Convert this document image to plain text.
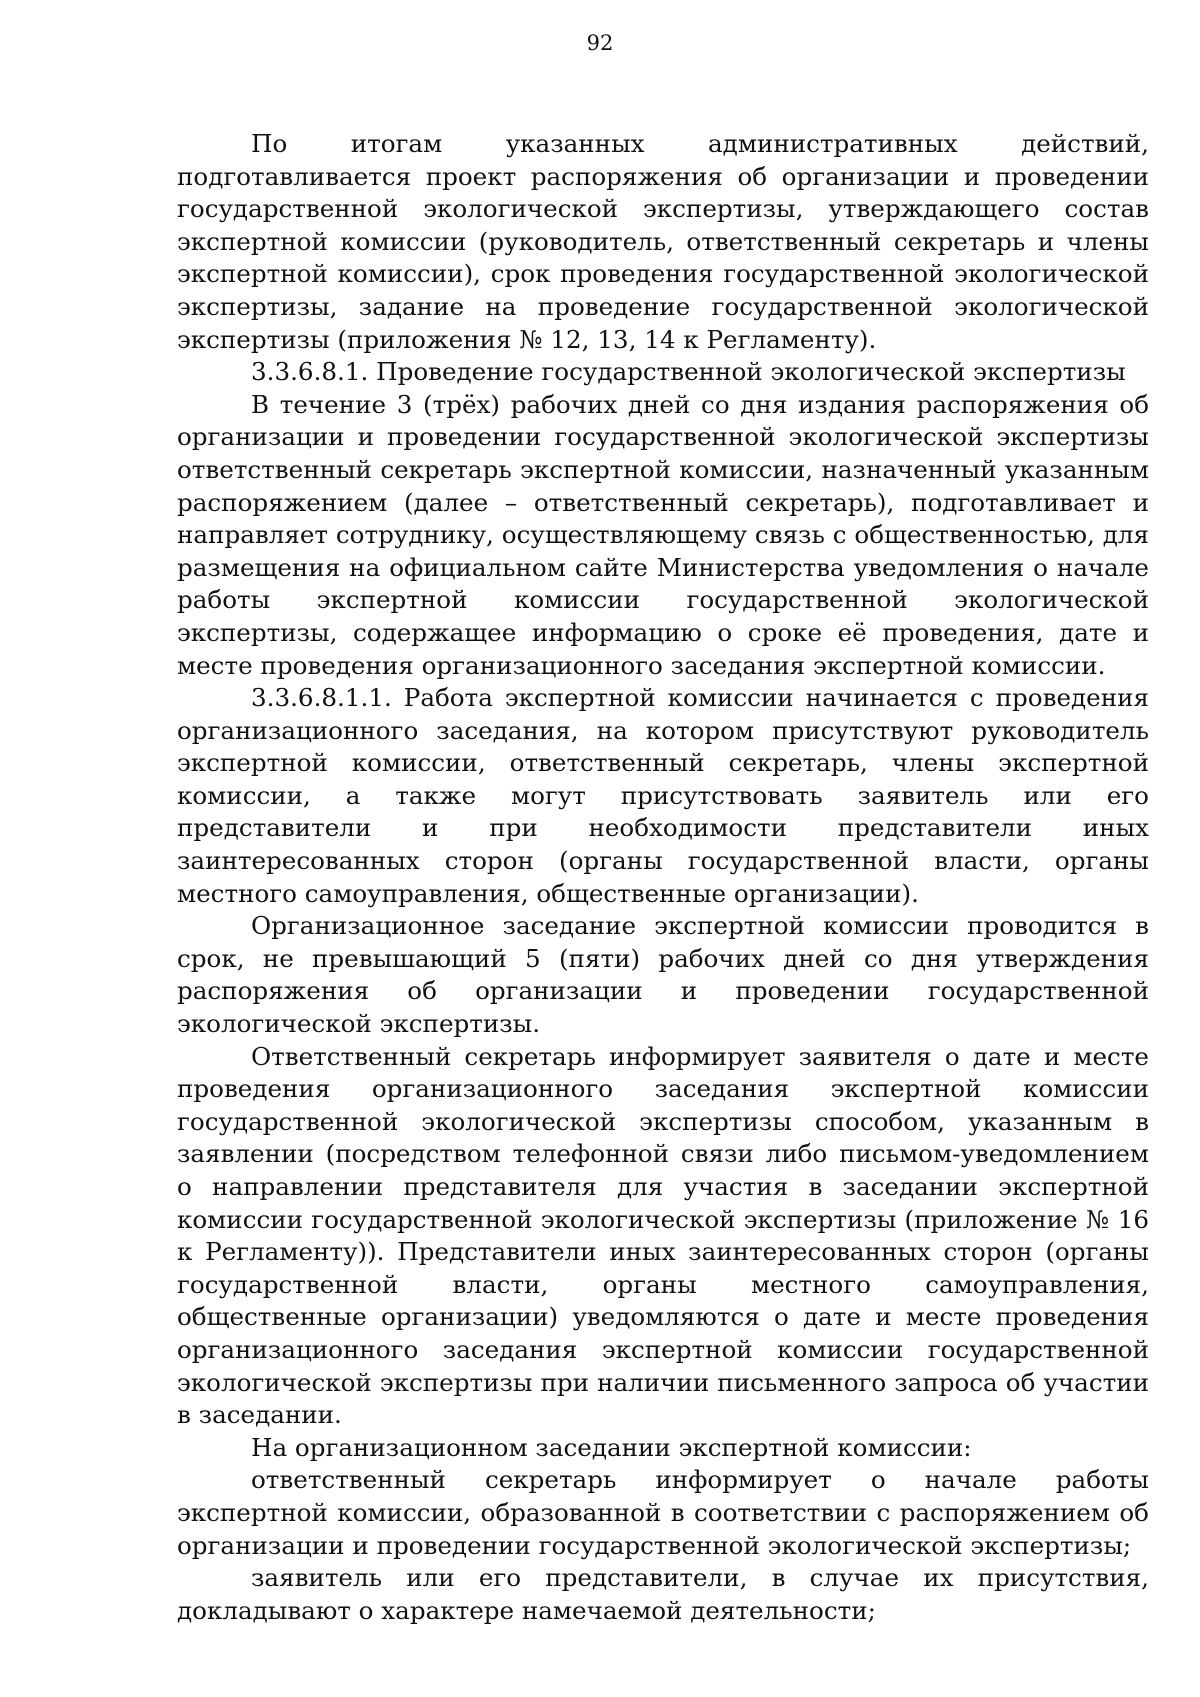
92

По итогам указанных административных действий, подготавливается проект распоряжения об организации и проведении государственной экологической экспертизы, утверждающего состав экспертной комиссии (руководитель, ответственный секретарь и члены экспертной комиссии), срок проведения государственной экологической экспертизы, задание на проведение государственной экологической экспертизы (приложения № 12, 13, 14 к Регламенту).

3.3.6.8.1. Проведение государственной экологической экспертизы

В течение 3 (трёх) рабочих дней со дня издания распоряжения об организации и проведении государственной экологической экспертизы ответственный секретарь экспертной комиссии, назначенный указанным распоряжением (далее – ответственный секретарь), подготавливает и направляет сотруднику, осуществляющему связь с общественностью, для размещения на официальном сайте Министерства уведомления о начале работы экспертной комиссии государственной экологической экспертизы, содержащее информацию о сроке её проведения, дате и месте проведения организационного заседания экспертной комиссии.

3.3.6.8.1.1. Работа экспертной комиссии начинается с проведения организационного заседания, на котором присутствуют руководитель экспертной комиссии, ответственный секретарь, члены экспертной комиссии, а также могут присутствовать заявитель или его представители и при необходимости представители иных заинтересованных сторон (органы государственной власти, органы местного самоуправления, общественные организации).

Организационное заседание экспертной комиссии проводится в срок, не превышающий 5 (пяти) рабочих дней со дня утверждения распоряжения об организации и проведении государственной экологической экспертизы.

Ответственный секретарь информирует заявителя о дате и месте проведения организационного заседания экспертной комиссии государственной экологической экспертизы способом, указанным в заявлении (посредством телефонной связи либо письмом-уведомлением о направлении представителя для участия в заседании экспертной комиссии государственной экологической экспертизы (приложение № 16 к Регламенту)). Представители иных заинтересованных сторон (органы государственной власти, органы местного самоуправления, общественные организации) уведомляются о дате и месте проведения организационного заседания экспертной комиссии государственной экологической экспертизы при наличии письменного запроса об участии в заседании.

На организационном заседании экспертной комиссии:

ответственный секретарь информирует о начале работы экспертной комиссии, образованной в соответствии с распоряжением об организации и проведении государственной экологической экспертизы;

заявитель или его представители, в случае их присутствия, докладывают о характере намечаемой деятельности;
